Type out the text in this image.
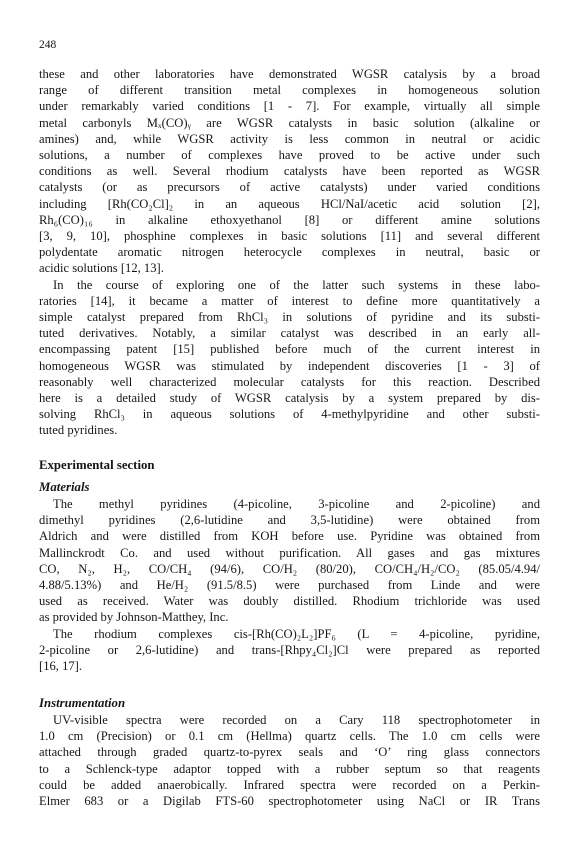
248
these and other laboratories have demonstrated WGSR catalysis by a broad
range of different transition metal complexes in homogeneous solution
under remarkably varied conditions [1 - 7]. For example, virtually all simple
metal carbonyls Mₓ(CO)ᵧ are WGSR catalysts in basic solution (alkaline or
amines) and, while WGSR activity is less common in neutral or acidic
solutions, a number of complexes have proved to be active under such
conditions as well. Several rhodium catalysts have been reported as WGSR
catalysts (or as precursors of active catalysts) under varied conditions
including [Rh(CO₂Cl]₂ in an aqueous HCl/NaI/acetic acid solution [2],
Rh₆(CO)₁₆ in alkaline ethoxyethanol [8] or different amine solutions
[3, 9, 10], phosphine complexes in basic solutions [11] and several different
polydentate aromatic nitrogen heterocycle complexes in neutral, basic or
acidic solutions [12, 13].
In the course of exploring one of the latter such systems in these labo-
ratories [14], it became a matter of interest to define more quantitatively a
simple catalyst prepared from RhCl₃ in solutions of pyridine and its substi-
tuted derivatives. Notably, a similar catalyst was described in an early all-
encompassing patent [15] published before much of the current interest in
homogeneous WGSR was stimulated by independent discoveries [1 - 3] of
reasonably well characterized molecular catalysts for this reaction. Described
here is a detailed study of WGSR catalysis by a system prepared by dis-
solving RhCl₃ in aqueous solutions of 4-methylpyridine and other substi-
tuted pyridines.
Experimental section
Materials
The methyl pyridines (4-picoline, 3-picoline and 2-picoline) and
dimethyl pyridines (2,6-lutidine and 3,5-lutidine) were obtained from
Aldrich and were distilled from KOH before use. Pyridine was obtained from
Mallinckrodt Co. and used without purification. All gases and gas mixtures
CO, N₂, H₂, CO/CH₄ (94/6), CO/H₂ (80/20), CO/CH₄/H₂/CO₂ (85.05/4.94/
4.88/5.13%) and He/H₂ (91.5/8.5) were purchased from Linde and were
used as received. Water was doubly distilled. Rhodium trichloride was used
as provided by Johnson-Matthey, Inc.
The rhodium complexes cis-[Rh(CO)₂L₂]PF₆ (L = 4-picoline, pyridine,
2-picoline or 2,6-lutidine) and trans-[Rhpy₄Cl₂]Cl were prepared as reported
[16, 17].
Instrumentation
UV-visible spectra were recorded on a Cary 118 spectrophotometer in
1.0 cm (Precision) or 0.1 cm (Hellma) quartz cells. The 1.0 cm cells were
attached through graded quartz-to-pyrex seals and ‘O’ ring glass connectors
to a Schlenck-type adaptor topped with a rubber septum so that reagents
could be added anaerobically. Infrared spectra were recorded on a Perkin-
Elmer 683 or a Digilab FTS-60 spectrophotometer using NaCl or IR Trans
